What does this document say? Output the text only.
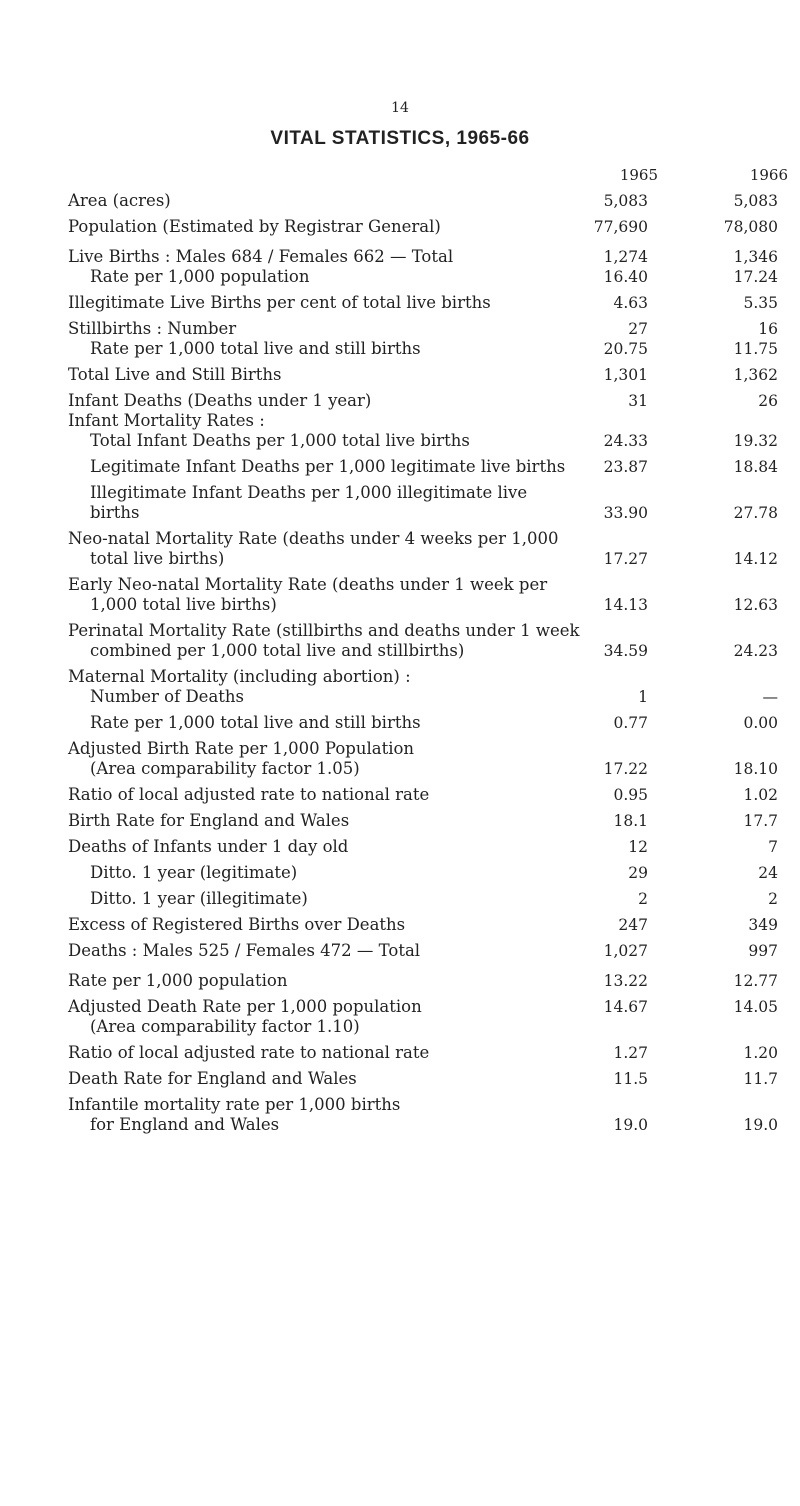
14
VITAL STATISTICS, 1965-66
1965	1966
Area (acres)	5,083	5,083
Population (Estimated by Registrar General)	77,690	78,080
Live Births : Males 684 / Females 662 — Total	1,274	1,346
Rate per 1,000 population	16.40	17.24
Illegitimate Live Births per cent of total live births	4.63	5.35
Stillbirths : Number	27	16
Rate per 1,000 total live and still births	20.75	11.75
Total Live and Still Births	1,301	1,362
Infant Deaths (Deaths under 1 year)	31	26
Infant Mortality Rates :
Total Infant Deaths per 1,000 total live births	24.33	19.32
Legitimate Infant Deaths per 1,000 legitimate live births	23.87	18.84
Illegitimate Infant Deaths per 1,000 illegitimate live
births	33.90	27.78
Neo-natal Mortality Rate (deaths under 4 weeks per 1,000
total live births)	17.27	14.12
Early Neo-natal Mortality Rate (deaths under 1 week per
1,000 total live births)	14.13	12.63
Perinatal Mortality Rate (stillbirths and deaths under 1 week
combined per 1,000 total live and stillbirths)	34.59	24.23
Maternal Mortality (including abortion) :
Number of Deaths	1	—
Rate per 1,000 total live and still births	0.77	0.00
Adjusted Birth Rate per 1,000 Population
(Area comparability factor 1.05)	17.22	18.10
Ratio of local adjusted rate to national rate	0.95	1.02
Birth Rate for England and Wales	18.1	17.7
Deaths of Infants under 1 day old	12	7
Ditto. 1 year (legitimate)	29	24
Ditto. 1 year (illegitimate)	2	2
Excess of Registered Births over Deaths	247	349
Deaths : Males 525 / Females 472 — Total	1,027	997
Rate per 1,000 population	13.22	12.77
Adjusted Death Rate per 1,000 population	14.67	14.05
(Area comparability factor 1.10)
Ratio of local adjusted rate to national rate	1.27	1.20
Death Rate for England and Wales	11.5	11.7
Infantile mortality rate per 1,000 births
for England and Wales	19.0	19.0
